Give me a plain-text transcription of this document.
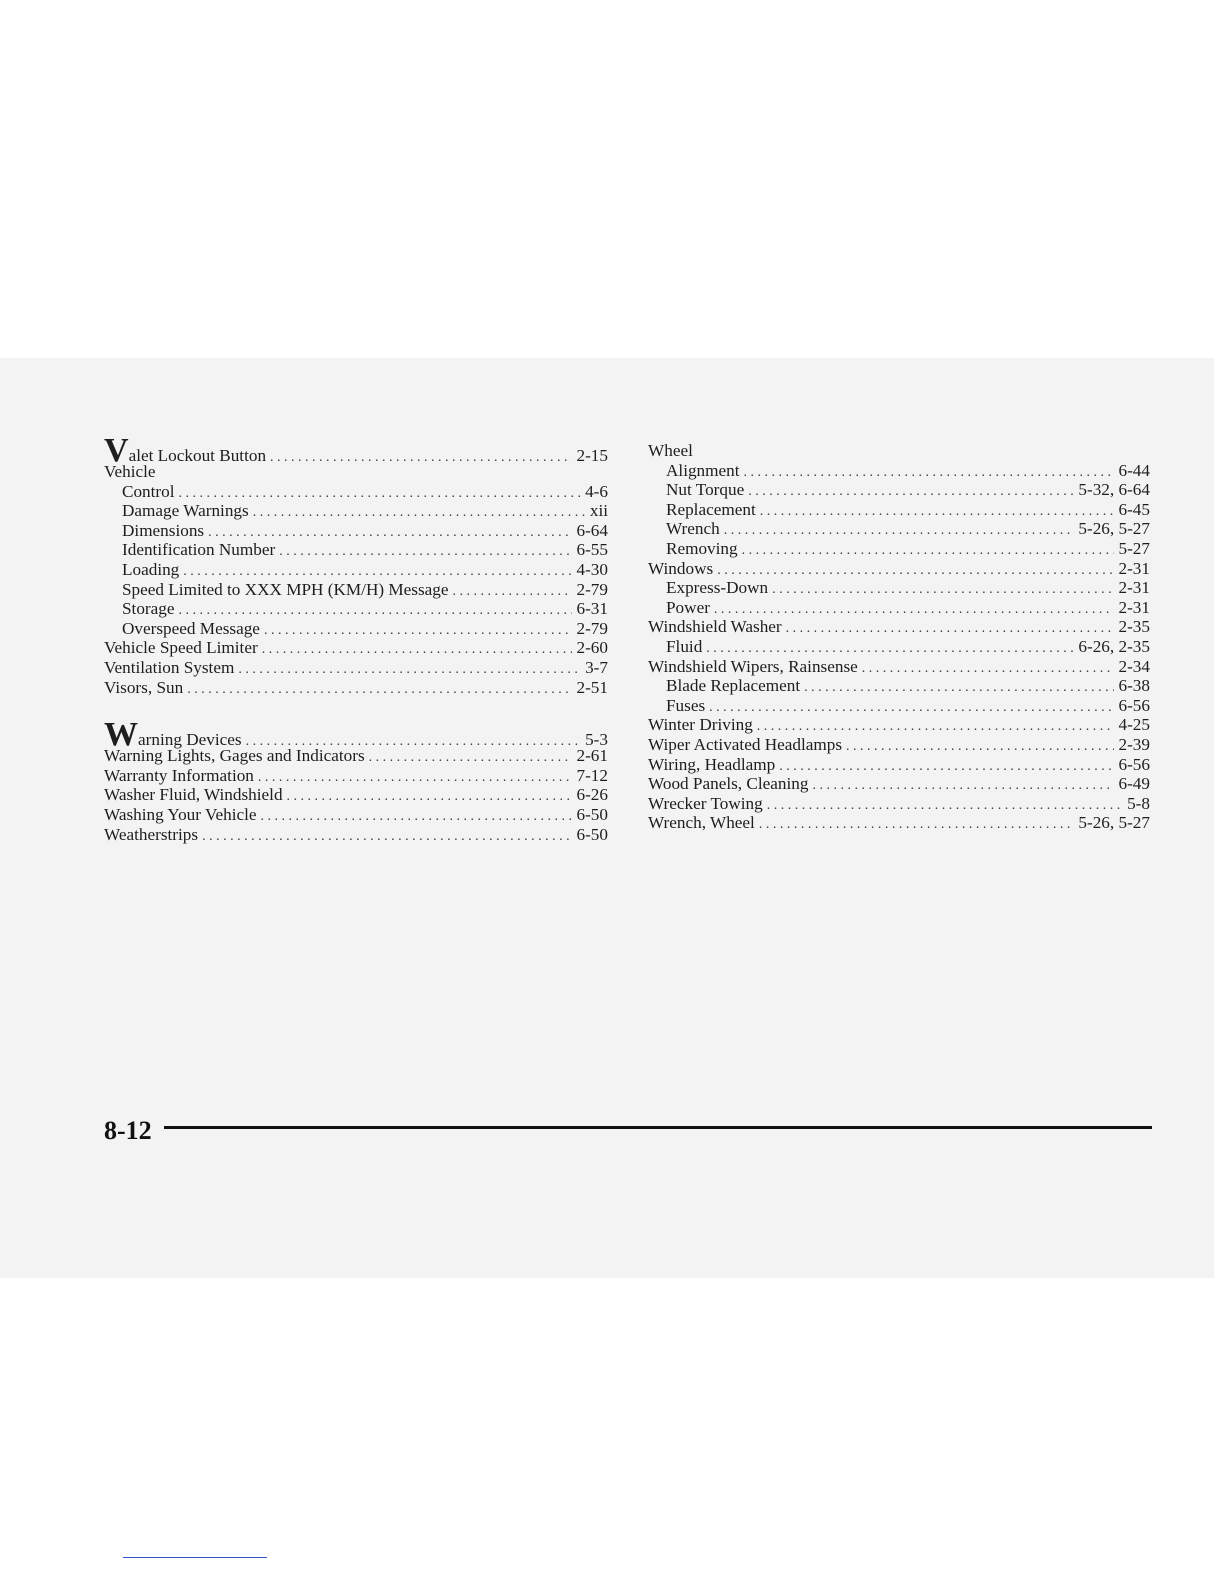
Valet Lockout Button . . .	2-15
Vehicle
Control . . .	4-6
Damage Warnings . . .	xii
Dimensions . . .	6-64
Identification Number . . .	6-55
Loading . . .	4-30
Speed Limited to XXX MPH (KM/H) Message . . .	2-79
Storage . . .	6-31
Overspeed Message . . .	2-79
Vehicle Speed Limiter . . .	2-60
Ventilation System . . .	3-7
Visors, Sun . . .	2-51
Warning Devices . . .	5-3
Warning Lights, Gages and Indicators . . .	2-61
Warranty Information . . .	7-12
Washer Fluid, Windshield . . .	6-26
Washing Your Vehicle . . .	6-50
Weatherstrips . . .	6-50
Wheel
Alignment . . .	6-44
Nut Torque . . .	5-32, 6-64
Replacement . . .	6-45
Wrench . . .	5-26, 5-27
Removing . . .	5-27
Windows . . .	2-31
Express-Down . . .	2-31
Power . . .	2-31
Windshield Washer . . .	2-35
Fluid . . .	6-26, 2-35
Windshield Wipers, Rainsense . . .	2-34
Blade Replacement . . .	6-38
Fuses . . .	6-56
Winter Driving . . .	4-25
Wiper Activated Headlamps . . .	2-39
Wiring, Headlamp . . .	6-56
Wood Panels, Cleaning . . .	6-49
Wrecker Towing . . .	5-8
Wrench, Wheel . . .	5-26, 5-27
8-12
